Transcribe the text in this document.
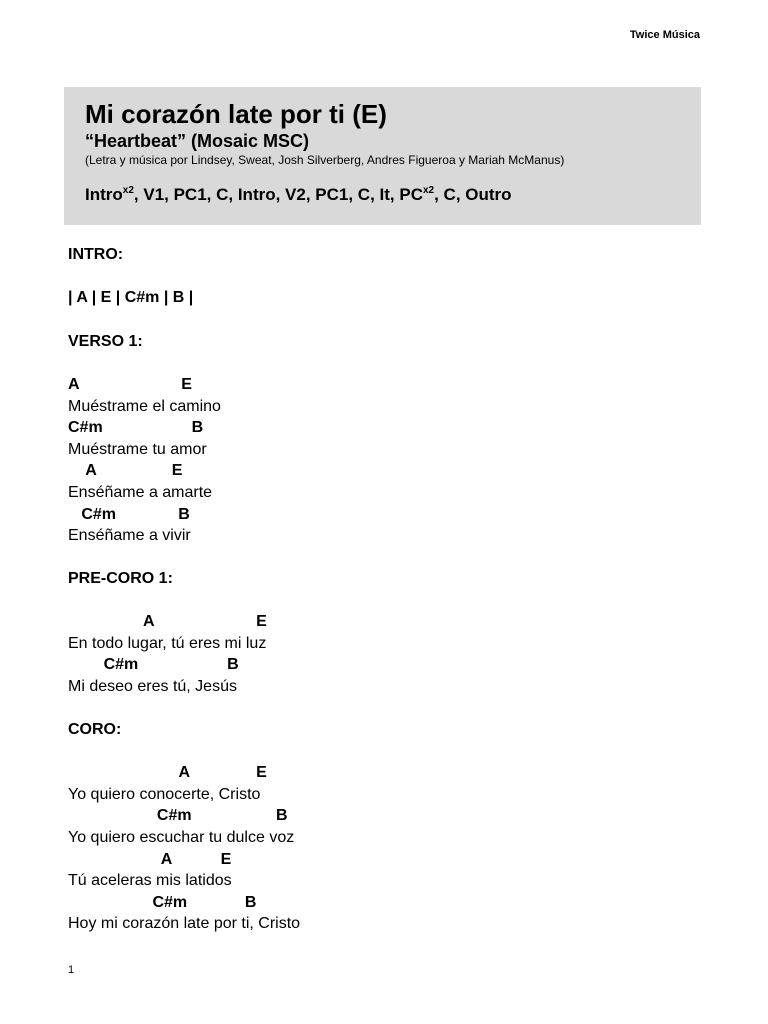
Twice Música
Mi corazón late por ti (E)
“Heartbeat” (Mosaic MSC)
(Letra y música por Lindsey, Sweat, Josh Silverberg, Andres Figueroa y Mariah McManus)
Intro$^{x2}$, V1, PC1, C, Intro, V2, PC1, C, It, $PC^{x2}$, C, Outro
INTRO:
| A | E | C#m | B |
VERSO 1:
A                       E
Muéstrame el camino
C#m                    B
Muéstrame tu amor
A                 E
Enséñame a amarte
C#m              B
Enséñame a vivir
PRE-CORO 1:
A                       E
En todo lugar, tú eres mi luz
C#m                    B
Mi deseo eres tú, Jesús
CORO:
A               E
Yo quiero conocerte, Cristo
C#m                   B
Yo quiero escuchar tu dulce voz
A           E
Tú aceleras mis latidos
C#m             B
Hoy mi corazón late por ti, Cristo
1
